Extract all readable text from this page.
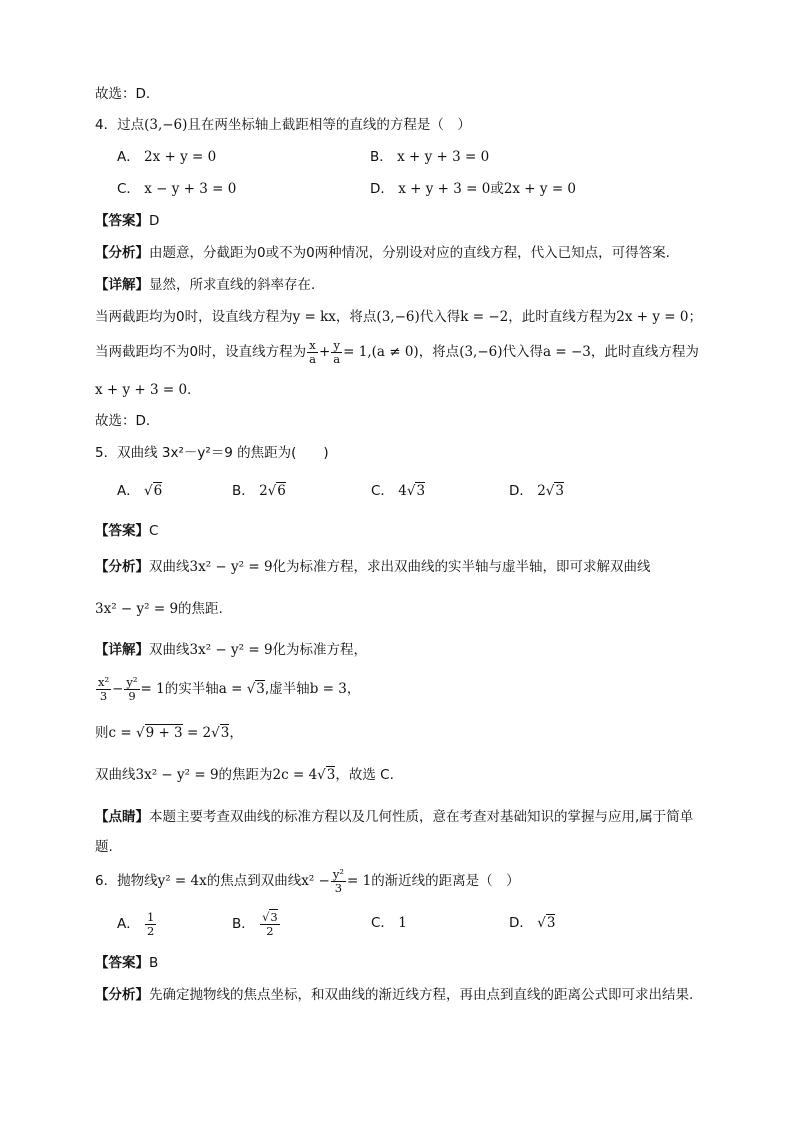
故选：D．
4．过点(3,−6)且在两坐标轴上截距相等的直线的方程是（　）
A． 2x + y = 0	B． x + y + 3 = 0
C． x − y + 3 = 0	D． x + y + 3 = 0或2x + y = 0
【答案】D
【分析】由题意，分截距为0或不为0两种情况，分别设对应的直线方程，代入已知点，可得答案.
【详解】显然，所求直线的斜率存在．
当两截距均为0时，设直线方程为y = kx，将点(3,−6)代入得k = −2，此时直线方程为2x + y = 0；
当两截距均不为0时，设直线方程为 $\frac{x}{a} + \frac{y}{a} = 1,(a \ne 0)$，将点(3,−6)代入得a = −3，此时直线方程为
x + y + 3 = 0．
故选：D．
5．双曲线 3x²－y²＝9 的焦距为(　　)
A． √6	B． 2√6	C． 4√3	D． 2√3
【答案】C
【分析】双曲线3x² − y² = 9化为标准方程，求出双曲线的实半轴与虚半轴，即可求解双曲线
3x² − y² = 9的焦距.
【详解】双曲线3x² − y² = 9化为标准方程，
$\frac{\text{x²}}{3} - \frac{\text{y²}}{9} = 1$的实半轴a = √3,虚半轴b = 3，
则c = √9 + 3 = 2√3，
双曲线3x² − y² = 9的焦距为2c = 4√3，故选 C.
【点睛】本题主要考查双曲线的标准方程以及几何性质，意在考查对基础知识的掌握与应用,属于简单题.
6．抛物线y² = 4x的焦点到双曲线$x^2 - \frac{\text{y²}}{3} = 1$的渐近线的距离是（　）
A． $\frac{1}{2}$	B． $\frac{√3}{2}$	C． 1	D． √3
【答案】B
【分析】先确定抛物线的焦点坐标，和双曲线的渐近线方程，再由点到直线的距离公式即可求出结果.
